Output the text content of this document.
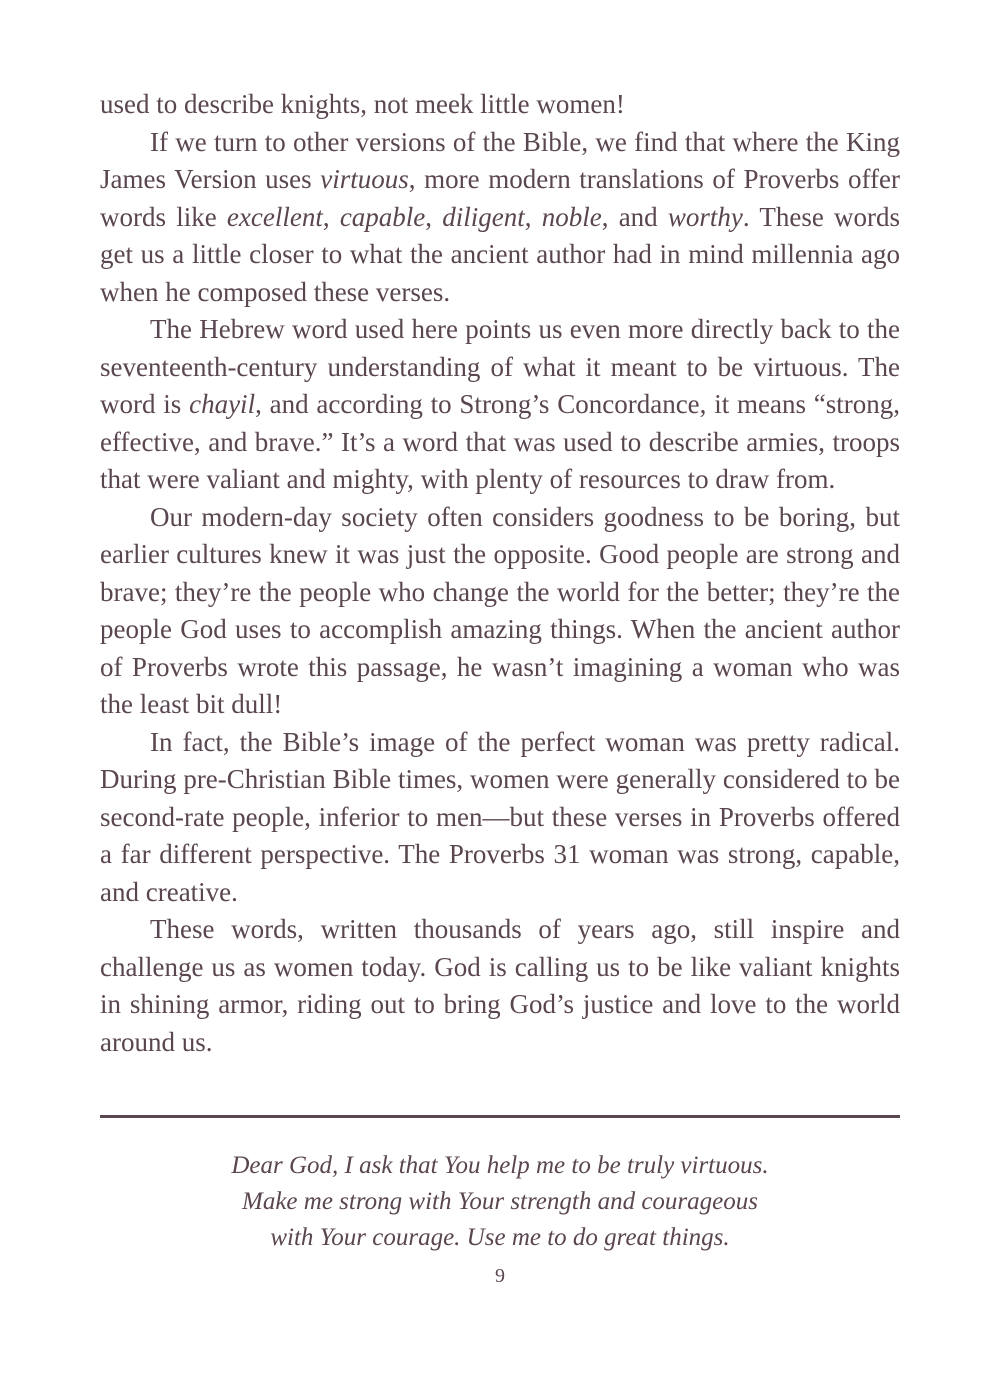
used to describe knights, not meek little women!

If we turn to other versions of the Bible, we find that where the King James Version uses virtuous, more modern translations of Proverbs offer words like excellent, capable, diligent, noble, and worthy. These words get us a little closer to what the ancient author had in mind millennia ago when he composed these verses.

The Hebrew word used here points us even more directly back to the seventeenth-century understanding of what it meant to be virtuous. The word is chayil, and according to Strong’s Concordance, it means “strong, effective, and brave.” It’s a word that was used to describe armies, troops that were valiant and mighty, with plenty of resources to draw from.

Our modern-day society often considers goodness to be boring, but earlier cultures knew it was just the opposite. Good people are strong and brave; they’re the people who change the world for the better; they’re the people God uses to accomplish amazing things. When the ancient author of Proverbs wrote this passage, he wasn’t imagining a woman who was the least bit dull!

In fact, the Bible’s image of the perfect woman was pretty radical. During pre-Christian Bible times, women were generally considered to be second-rate people, inferior to men—but these verses in Proverbs offered a far different perspective. The Proverbs 31 woman was strong, capable, and creative.

These words, written thousands of years ago, still inspire and challenge us as women today. God is calling us to be like valiant knights in shining armor, riding out to bring God’s justice and love to the world around us.

Dear God, I ask that You help me to be truly virtuous.
Make me strong with Your strength and courageous
with Your courage. Use me to do great things.
9
